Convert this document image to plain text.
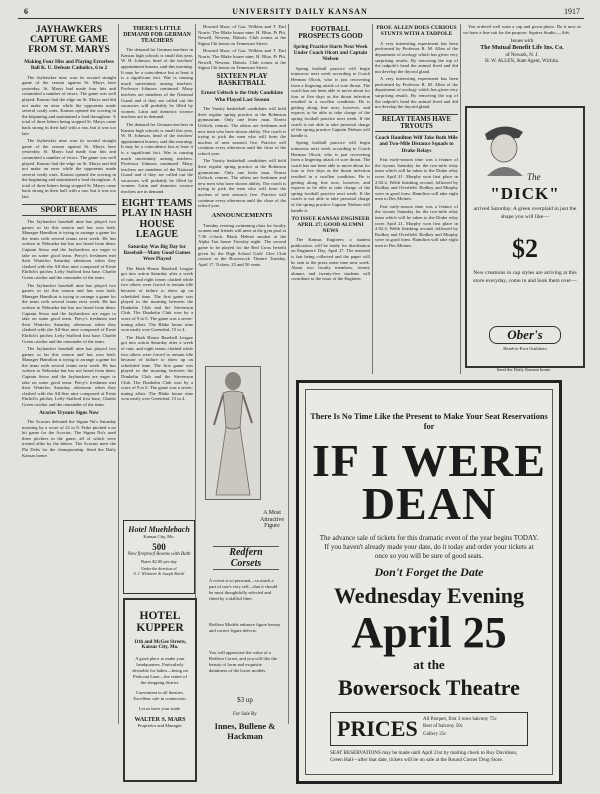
6	UNIVERSITY DAILY KANSAN	1917
JAYHAWKERS CAPTURE GAME FROM ST. MARYS
Making Four Hits and Playing Errorless Ball K. U. Defeats Catholics, 6 to 2

The Jayhawker nine won its second straight game of the season against St. Marys here yesterday. St. Marys had made four hits and committed a number of errors. The game was well played. Kansas had the edge on St. Marys and did not make an error while the opponents made several costly ones. Kansas opened the scoring in the beginning and maintained a lead throughout. A total of three hitters being stopped St. Marys came back strong in their half with a run, but it was too late.

The Jayhawker nine won its second straight game of the season against St. Marys here yesterday. St. Marys had made four hits and committed a number of errors. The game was well played. Kansas had the edge on St. Marys and did not make an error while the opponents made several costly ones. Kansas opened the scoring in the beginning and maintained a lead throughout. A total of three hitters being stopped St. Marys came back strong in their half with a run, but it was too late.

SPORT BEAMS

The Jayhawker baseball nine has played two games so far this season and has won both. Manager Hamilton is trying to arrange a game for the team with several teams next week. He has written to Nebraska but has not heard from them. Captain Sesso and the Jayhawkers are eager to take on some good team. Percy's freshmen met their Waterloo Saturday afternoon when they clashed with the All-Star nine composed of Ernie Ehrlich's pitcher, Lefty Stafford first base, Charlie Green catcher and the remainder of the team.

The Jayhawker baseball nine has played two games so far this season and has won both. Manager Hamilton is trying to arrange a game for the team with several teams next week. He has written to Nebraska but has not heard from them. Captain Sesso and the Jayhawkers are eager to take on some good team. Percy's freshmen met their Waterloo Saturday afternoon when they clashed with the All-Star nine composed of Ernie Ehrlich's pitcher, Lefty Stafford first base, Charlie Green catcher and the remainder of the team.

The Jayhawker baseball nine has played two games so far this season and has won both. Manager Hamilton is trying to arrange a game for the team with several teams next week. He has written to Nebraska but has not heard from them. Captain Sesso and the Jayhawkers are eager to take on some good team. Percy's freshmen met their Waterloo Saturday afternoon when they clashed with the All-Star nine composed of Ernie Ehrlich's pitcher, Lefty Stafford first base, Charlie Green catcher and the remainder of the team.

Aracies Tryouts Signs Now

The Acacias defeated the Sigma Nu's Saturday morning by a score of 22 to 8. Fiske pitched a no hit game for the Acacias. The Sigma Nu's used three pitchers in the game, all of which were treated alike by the hitters. The Acacias meet the Phi Delts for the championship. Send the Daily Kansas home.

THERE'S LITTLE DEMAND FOR GERMAN TEACHERS

The demand for German teachers in Kansas high schools is small this year, W. H. Johnson, head of the teachers' appointment bureau, said this morning. It may be a coincidence but at least it is a significant fact. War is causing much uncertainty among teachers. Professor Johnson continued. Many teachers are members of the National Guard and if they are called out the vacancies will probably be filled by women. Latin and domestic science teachers are in demand.

The demand for German teachers in Kansas high schools is small this year, W. H. Johnson, head of the teachers' appointment bureau, said this morning. It may be a coincidence but at least it is a significant fact. War is causing much uncertainty among teachers. Professor Johnson continued. Many teachers are members of the National Guard and if they are called out the vacancies will probably be filled by women. Latin and domestic science teachers are in demand.

EIGHT TEAMS PLAY IN HASH HOUSE LEAGUE
Saturday Was Big Day for Baseball—Many Good Games Were Played

The Hash House Baseball League got into action Saturday after a week of rain, and eight teams clashed while two others were forced to remain idle because of failure to show up on scheduled time. The first game was played in the morning between the Dunkelin Club and the Stevenson Club. The Dunkelin Club won by a score of 9 to 6. The game was a seven-inning affair. The Blake house nine won easily over Greenleaf, 15 to 4.

The Hash House Baseball League got into action Saturday after a week of rain, and eight teams clashed while two others were forced to remain idle because of failure to show up on scheduled time. The first game was played in the morning between the Dunkelin Club and the Stevenson Club. The Dunkelin Club won by a score of 9 to 6. The game was a seven-inning affair. The Blake house nine won easily over Greenleaf, 15 to 4.

Hotel Muehlebach
Kansas City, Mo.
500
New fireproof Rooms with Bath
Rates $2.00 per day
Under the direction of
S. J. Whitmore & Joseph Reichl
HOTEL KUPPER
11th and McGee Streets, Kansas City, Mo.
A good place to make your headquarters. Particularly desirable for ladies—being on Petticoat Lane—the center of the shopping district.
Convenient to all theatres. Excellent cafe in connection.
Let us have your trade.
WALTER S. MARS
Proprietor and Manager.

Howard Shaw, of Gas. Wilkins and T. Earl Norris. The Blake house nine; H. Blue, Pi Phi, Newell, Newton, Dubois. Club rooms at the Sigma Chi house on Tennessee Street.

Howard Shaw, of Gas. Wilkins and T. Earl Norris. The Blake house nine; H. Blue, Pi Phi, Newell, Newton, Dubois. Club rooms at the Sigma Chi house on Tennessee Street.

SIXTEEN PLAY BASKETBALL
Ernest Ueltsch is the Only Candidate Who Played Last Season

The Varsity basketball candidates will hold their regular spring practice at the Robinson gymnasium. Only one letter man, Ernest Ueltsch, returns. The others are freshmen and new men who have shown ability. The coach is trying to pick the men who will form the nucleus of next season's five. Practice will continue every afternoon until the close of the school year.

The Varsity basketball candidates will hold their regular spring practice at the Robinson gymnasium. Only one letter man, Ernest Ueltsch, returns. The others are freshmen and new men who have shown ability. The coach is trying to pick the men who will form the nucleus of next season's five. Practice will continue every afternoon until the close of the school year.

ANNOUNCEMENTS

Tuesday evening swimming class for faculty women and friends will meet at the gym pool at 7:30 o'clock. Black Helmet smoker at the Alpha Tau house Tuesday night. The second game to be played for the Red Cross benefit given by the High School Girls' Glee Club concert at the Bowersock Theatre Tuesday, April 17. Tickets, 25 and 50 cents.

A Most Attractive Figure
Redfern Corsets
A corset is so personal—so much a part of one's very self—that it should be most thoughtfully selected and fitted by a skillful fitter.
Redfern Models enhance figure beauty and correct figure defects.
You will appreciate the value of a Redfern Corset, and you will like the beauty of form and exquisite daintiness of the lower models.
$3 up
For Sale By
Innes, Bullene & Hackman
FOOTBALL PROSPECTS GOOD
Spring Practice Starts Next Week Under Coach Olcott and Captain Nielsen

Spring football practice will begin tomorrow next week according to Coach Herman Olcott, who is just recovering from a lingering attack of sore throat. The coach has not been able to move about for four or five days as the throat infection resulted in a swollen condition. He is getting along fine now, however, and expects to be able to take charge of the spring football practice next week. If the coach is not able to take personal charge of the spring practice Captain Nielsen will handle it.

Spring football practice will begin tomorrow next week according to Coach Herman Olcott, who is just recovering from a lingering attack of sore throat. The coach has not been able to move about for four or five days as the throat infection resulted in a swollen condition. He is getting along fine now, however, and expects to be able to take charge of the spring football practice next week. If the coach is not able to take personal charge of the spring practice Captain Nielsen will handle it.

TO ISSUE KANSAS ENGINEER APRIL 27; GOOD ALUMNI NEWS

The Kansas Engineer, a student publication, will be ready for distribution on Engineers' Day, April 27. The material is fast being collected and the paper will be sent to the press some time next week. About two faculty members, twenty alumni, and twenty-five students will contribute to the issue of the Engineer.

PROF. ALLEN DOES CURIOUS STUNTS WITH A TADPOLE

A very interesting experiment has been performed by Professor R. M. Allen of the department of zoology which has given very surprising results. By removing the top of the tadpole's head the animal lived and did not develop the thyroid gland.

A very interesting experiment has been performed by Professor R. M. Allen of the department of zoology which has given very surprising results. By removing the top of the tadpole's head the animal lived and did not develop the thyroid gland.

RELAY TEAMS HAVE TRYOUTS
Coach Hamilton Will Take Both Mile and Two-Mile Distance Squads to Drake Relays

Fast early-season time was a feature of the tryouts Saturday for the two-mile relay team which will be taken to the Drake relay races April 21. Murphy won first place in 2:02.4, Webb finishing second, followed by Rodkey and Overfield. Rodkey and Murphy were in good form. Hamilton will take eight men to Des Moines.

Fast early-season time was a feature of the tryouts Saturday for the two-mile relay team which will be taken to the Drake relay races April 21. Murphy won first place in 2:02.4, Webb finishing second, followed by Rodkey and Overfield. Rodkey and Murphy were in good form. Hamilton will take eight men to Des Moines.

You ordered well want a cap and gown photo. Do it now as we have a fine suit for the purpose. Squires Studio.—Adv.

Issues with
The Mutual Benefit Life Ins. Co.
of Newark, N. J.
H. W. ALLEN, State Agent, Wichita.
The
"DICK"
arrived Saturday. A green overplaid in just the shape you will like—
$2
New creations in cap styles are arriving at this store everyday, come in and look them over—
Ober's
Head-to-Foot Outfitters
Send the Daily Kansan home.
There Is No Time Like the Present to Make Your Seat Reservations for
IF I WERE DEAN
The advance sale of tickets for this dramatic event of the year begins TODAY. If you haven't already made your date, do it today and order your tickets at once so you will be sure of good seats.
Don't Forget the Date
Wednesday Evening
April 25
at the
Bowersock Theatre
PRICES All Parquet, first 3 rows balcony 75c
Rest of balcony 50c
Gallery 25c
SEAT RESERVATIONS may be made until April 21st by mailing check to Roy Davidson, Green Hall—after that date, tickets will be on sale at the Round Corner Drug Store.
